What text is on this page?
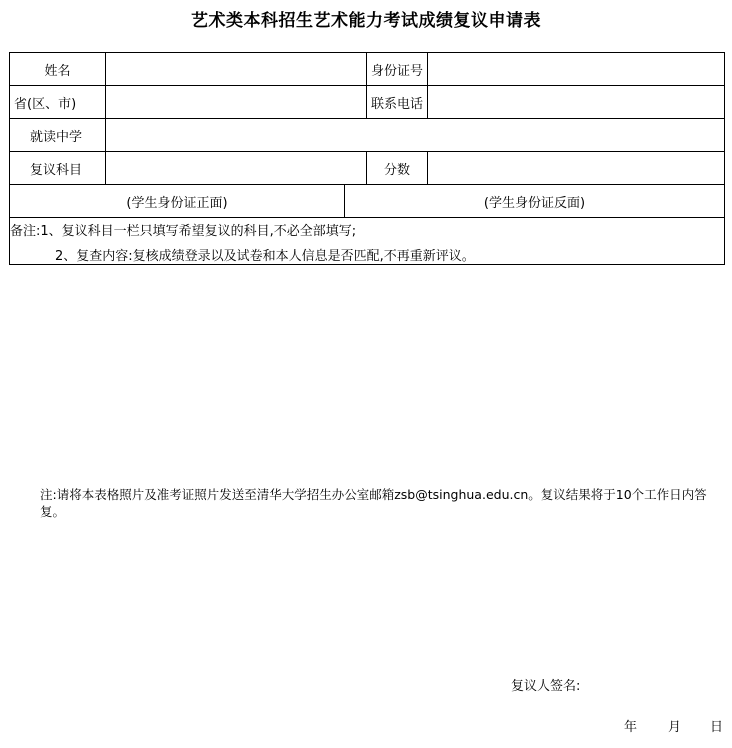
艺术类本科招生艺术能力考试成绩复议申请表
姓名			身份证号	
省(区、市)			联系电话	
就读中学				
复议科目			分数	
(学生身份证正面)		(学生身份证反面)		

备注:1、复议科目一栏只填写希望复议的科目,不必全部填写;
2、复查内容:复核成绩登录以及试卷和本人信息是否匹配,不再重新评议。				
注:请将本表格照片及准考证照片发送至清华大学招生办公室邮箱zsb@tsinghua.edu.cn。复议结果将于10个工作日内答复。
复议人签名:
年 月 日
